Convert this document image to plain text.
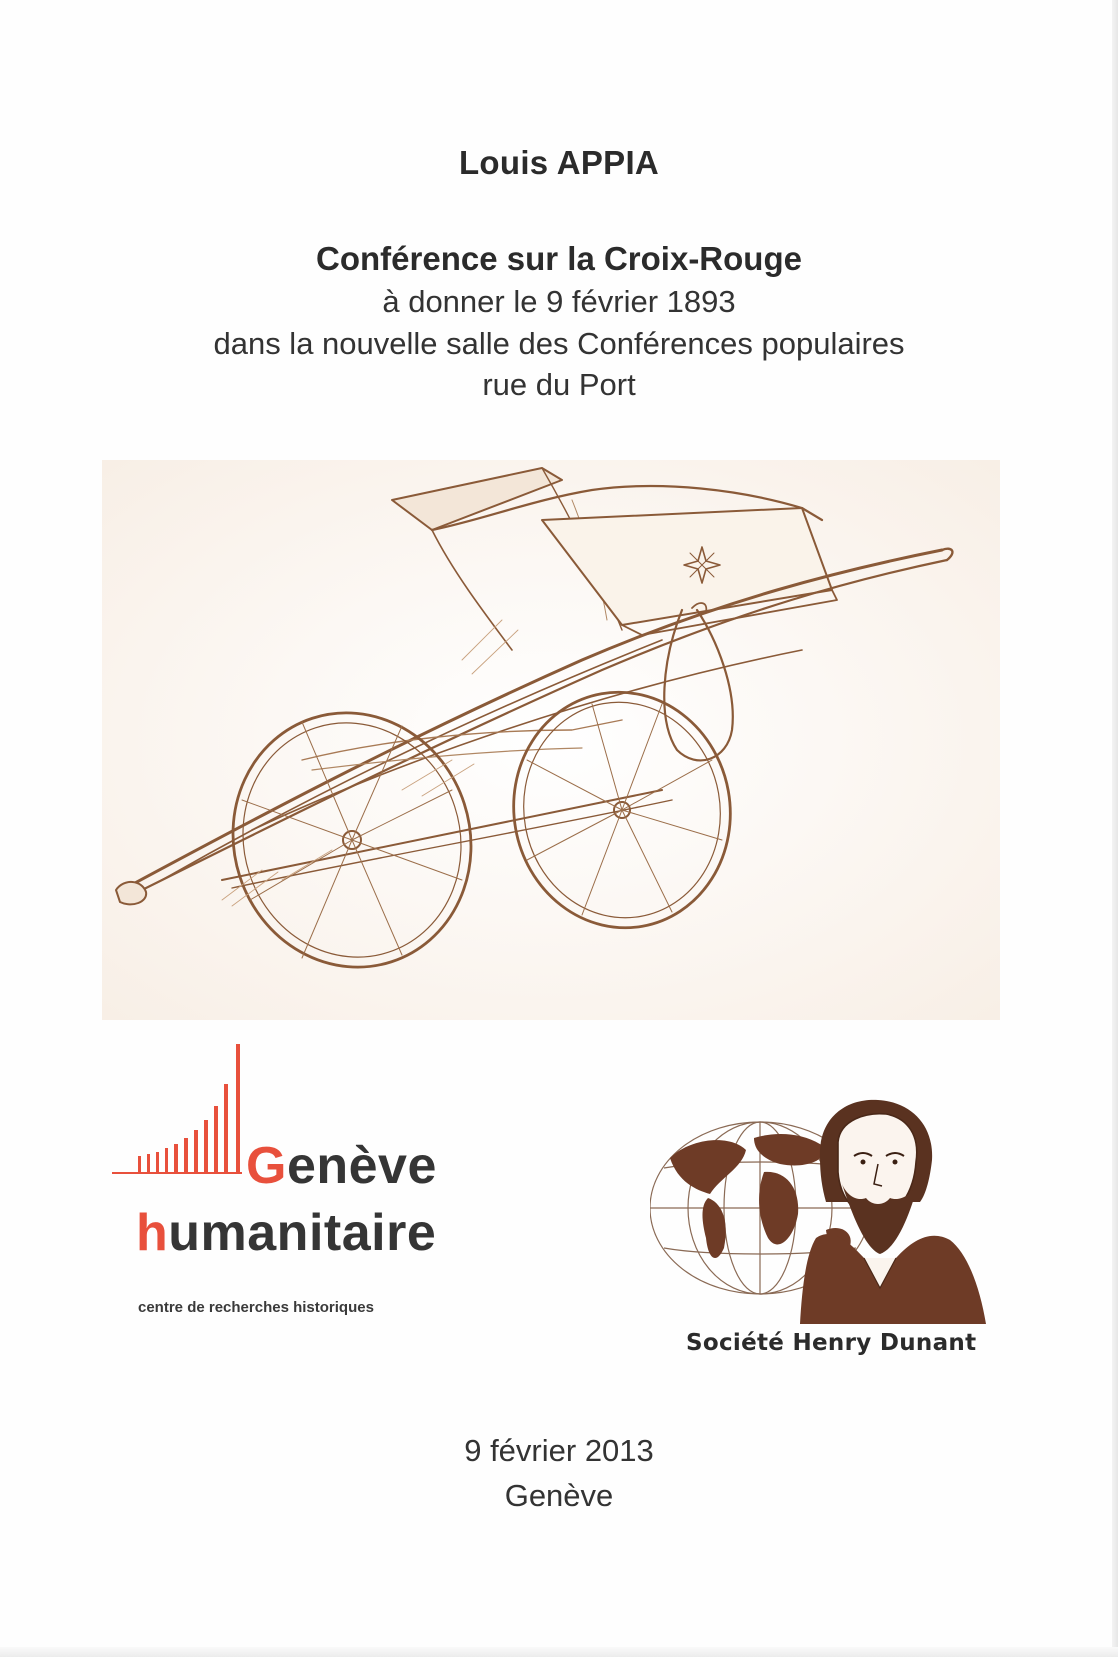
Louis APPIA
Conférence sur la Croix-Rouge
à donner le 9 février 1893
dans la nouvelle salle des Conférences populaires
rue du Port
Genève
humanitaire
centre de recherches historiques
Société Henry Dunant
9 février 2013
Genève
